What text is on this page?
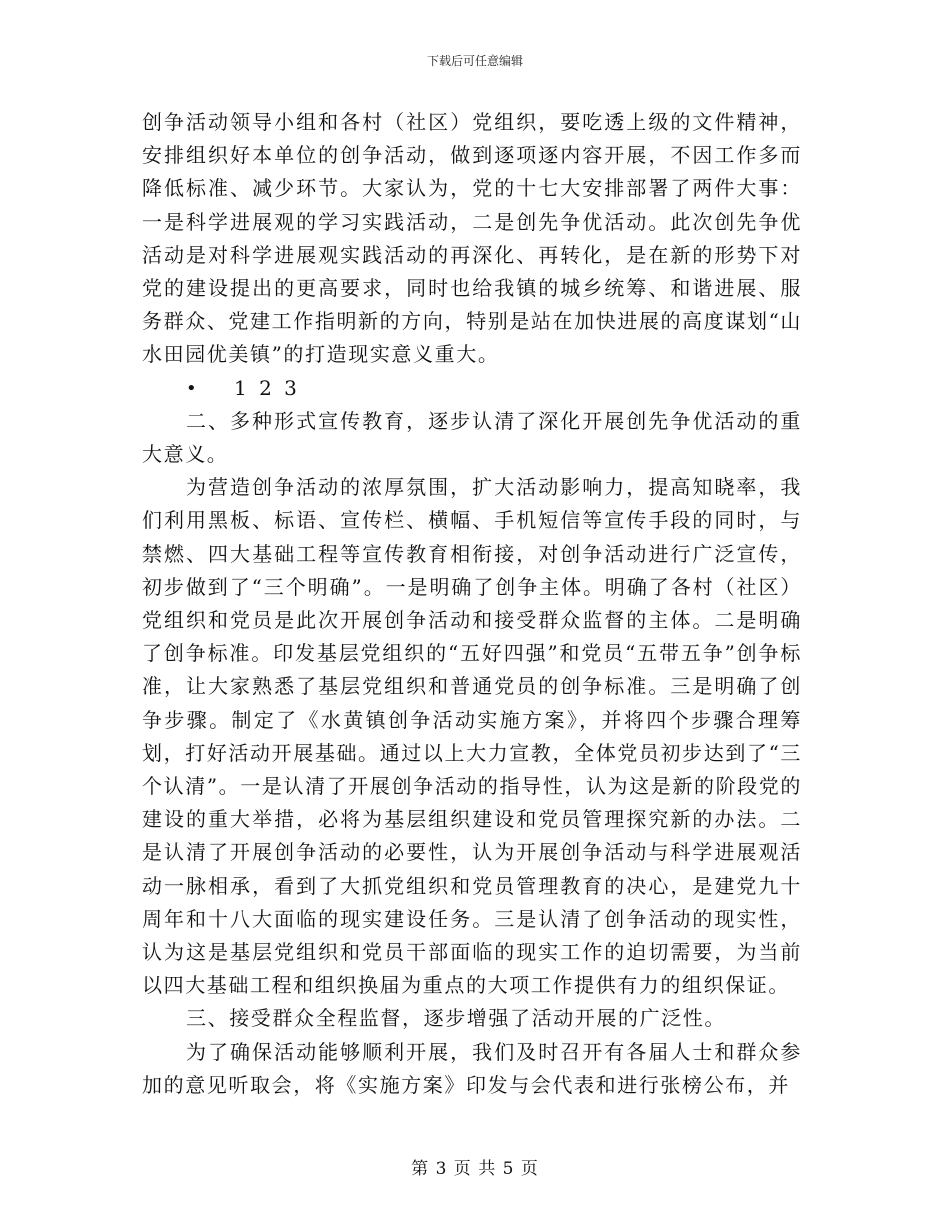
下载后可任意编辑

创争活动领导小组和各村（社区）党组织，要吃透上级的文件精神，安排组织好本单位的创争活动，做到逐项逐内容开展，不因工作多而降低标准、减少环节。大家认为，党的十七大安排部署了两件大事：一是科学进展观的学习实践活动，二是创先争优活动。此次创先争优活动是对科学进展观实践活动的再深化、再转化，是在新的形势下对党的建设提出的更高要求，同时也给我镇的城乡统筹、和谐进展、服务群众、党建工作指明新的方向，特别是站在加快进展的高度谋划“山水田园优美镇”的打造现实意义重大。

•	1 2 3

二、多种形式宣传教育，逐步认清了深化开展创先争优活动的重大意义。

为营造创争活动的浓厚氛围，扩大活动影响力，提高知晓率，我们利用黑板、标语、宣传栏、横幅、手机短信等宣传手段的同时，与禁燃、四大基础工程等宣传教育相衔接，对创争活动进行广泛宣传，初步做到了“三个明确”。一是明确了创争主体。明确了各村（社区）党组织和党员是此次开展创争活动和接受群众监督的主体。二是明确了创争标准。印发基层党组织的“五好四强”和党员“五带五争”创争标准，让大家熟悉了基层党组织和普通党员的创争标准。三是明确了创争步骤。制定了《水黄镇创争活动实施方案》，并将四个步骤合理筹划，打好活动开展基础。通过以上大力宣教，全体党员初步达到了“三个认清”。一是认清了开展创争活动的指导性，认为这是新的阶段党的建设的重大举措，必将为基层组织建设和党员管理探究新的办法。二是认清了开展创争活动的必要性，认为开展创争活动与科学进展观活动一脉相承，看到了大抓党组织和党员管理教育的决心，是建党九十周年和十八大面临的现实建设任务。三是认清了创争活动的现实性，认为这是基层党组织和党员干部面临的现实工作的迫切需要，为当前以四大基础工程和组织换届为重点的大项工作提供有力的组织保证。

三、接受群众全程监督，逐步增强了活动开展的广泛性。

为了确保活动能够顺利开展，我们及时召开有各届人士和群众参加的意见听取会，将《实施方案》印发与会代表和进行张榜公布，并

第 3 页 共 5 页
